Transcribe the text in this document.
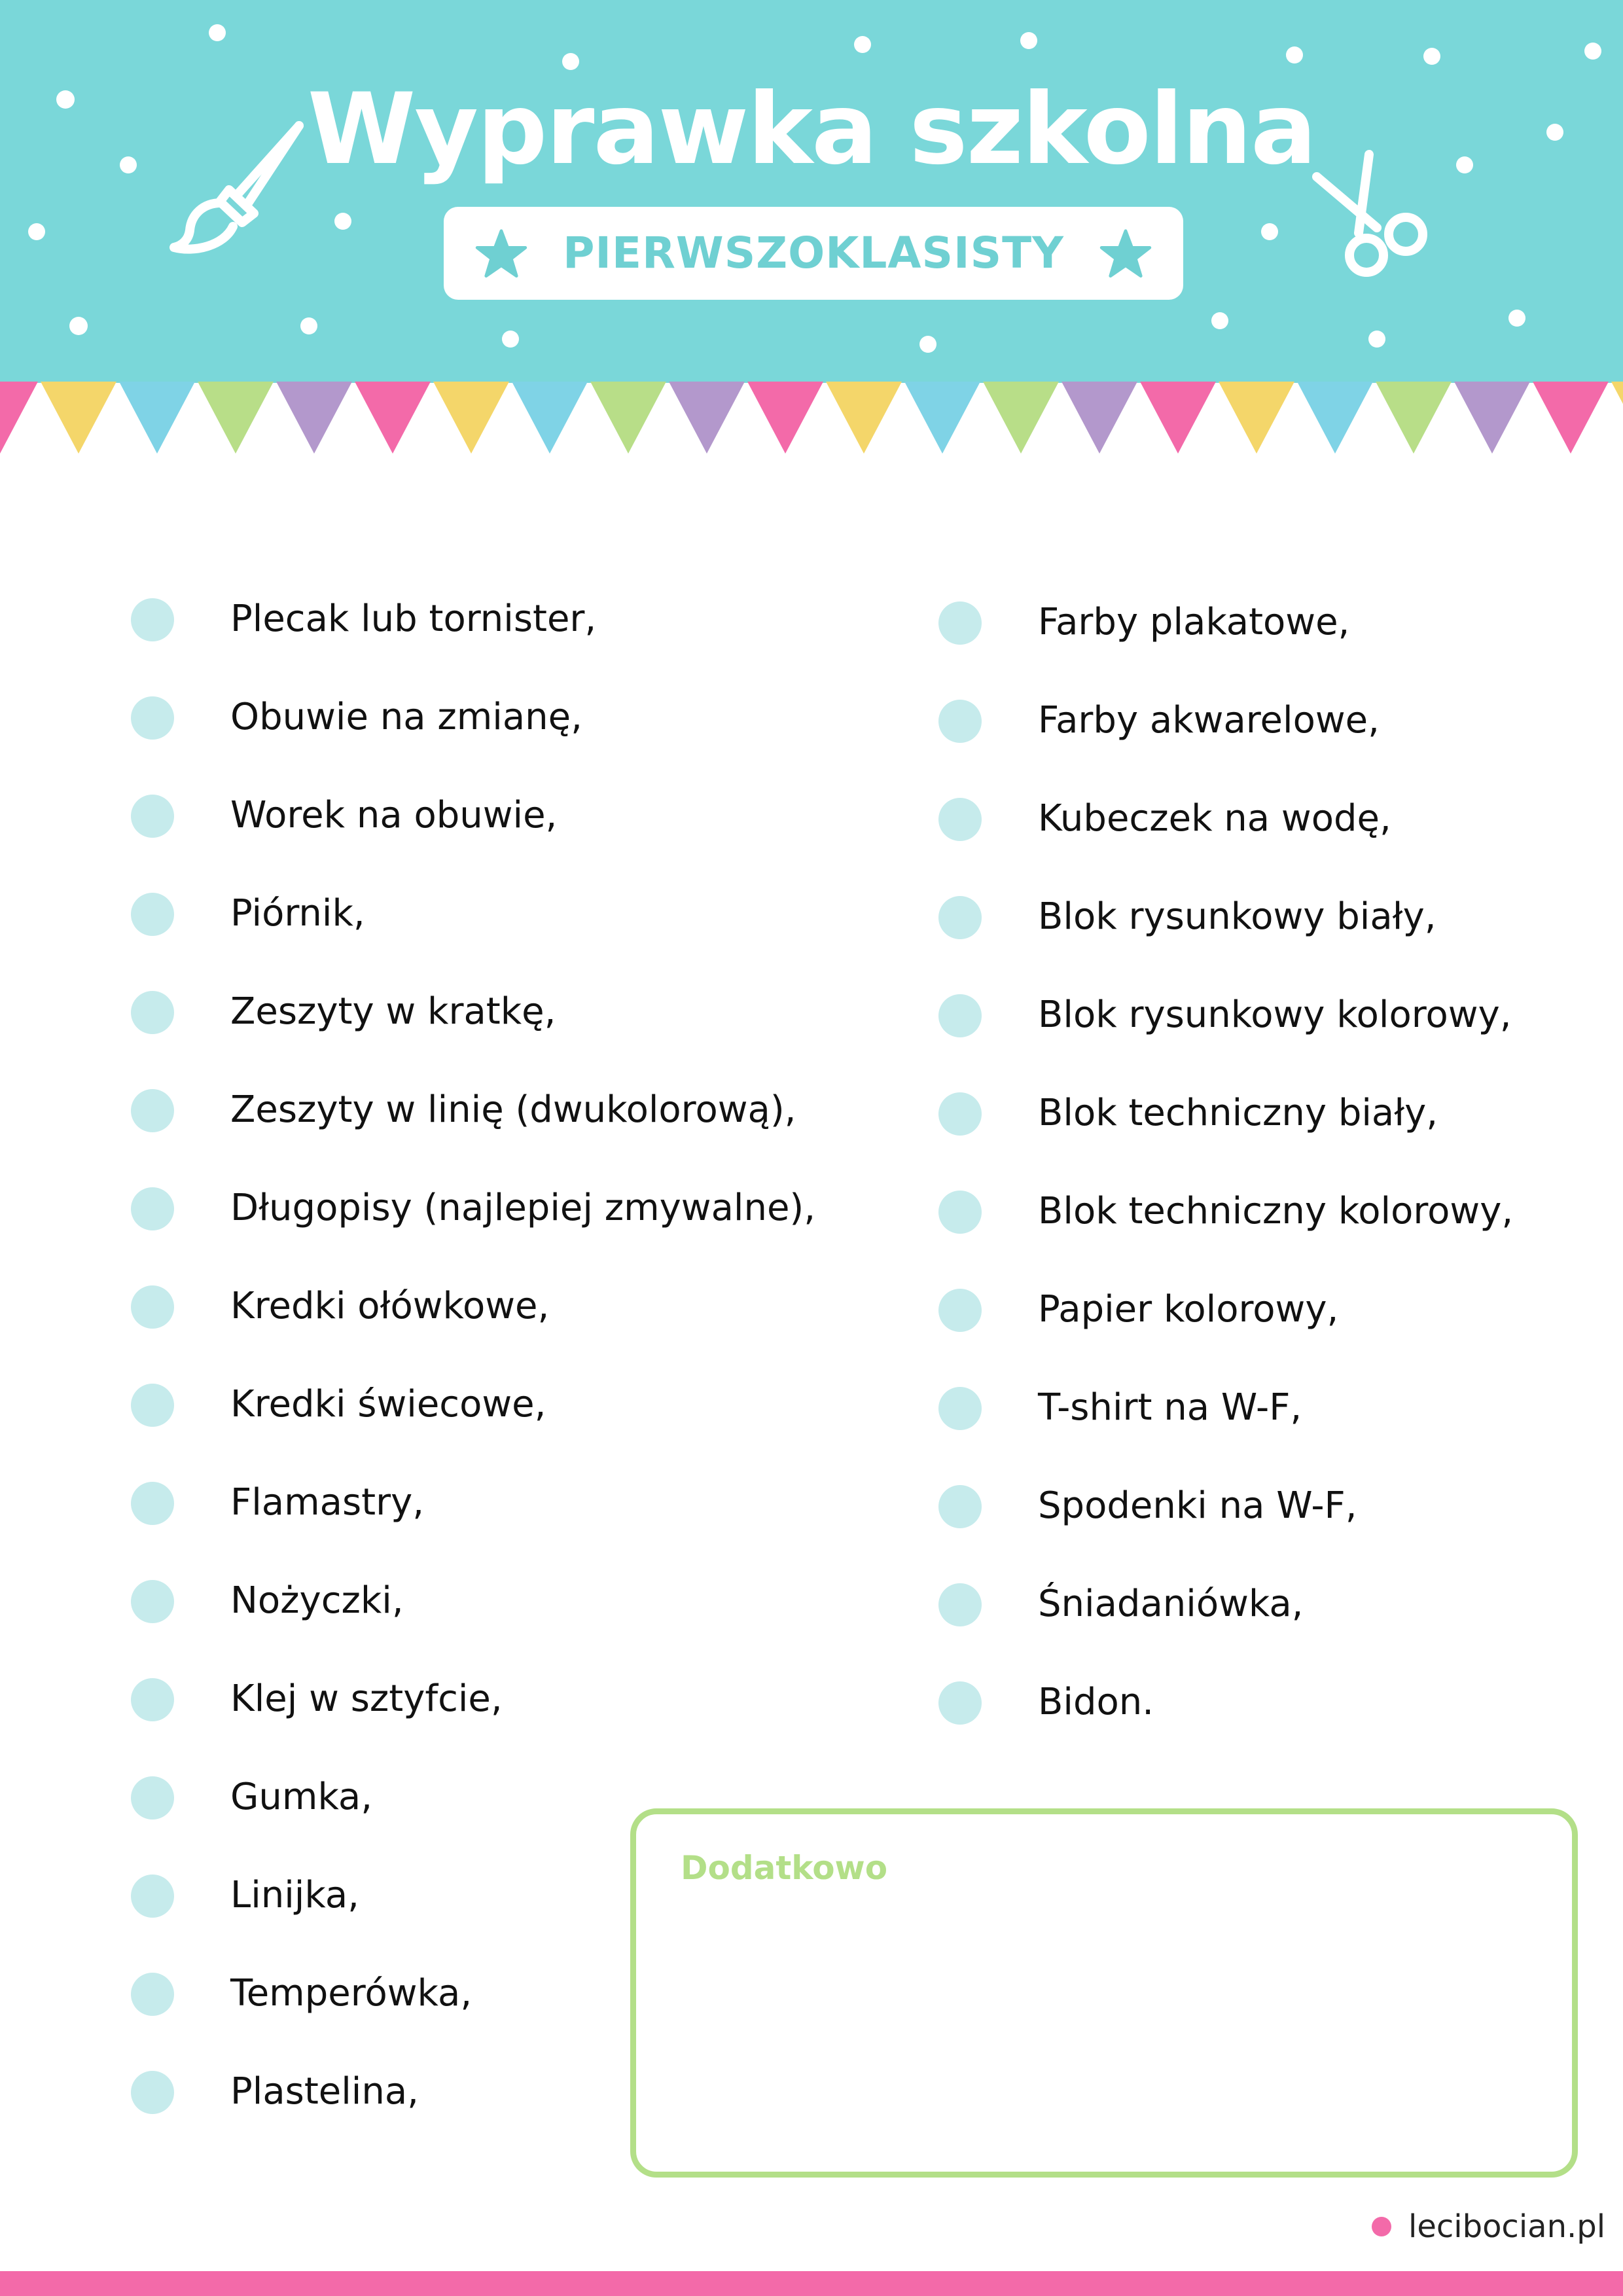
Wyprawka szkolna
PIERWSZOKLASISTY
Plecak lub tornister,
Obuwie na zmianę,
Worek na obuwie,
Piórnik,
Zeszyty w kratkę,
Zeszyty w linię (dwukolorową),
Długopisy (najlepiej zmywalne),
Kredki ołówkowe,
Kredki świecowe,
Flamastry,
Nożyczki,
Klej w sztyfcie,
Gumka,
Linijka,
Temperówka,
Plastelina,
Farby plakatowe,
Farby akwarelowe,
Kubeczek na wodę,
Blok rysunkowy biały,
Blok rysunkowy kolorowy,
Blok techniczny biały,
Blok techniczny kolorowy,
Papier kolorowy,
T-shirt na W-F,
Spodenki na W-F,
Śniadaniówka,
Bidon.
Dodatkowo
lecibocian.pl
